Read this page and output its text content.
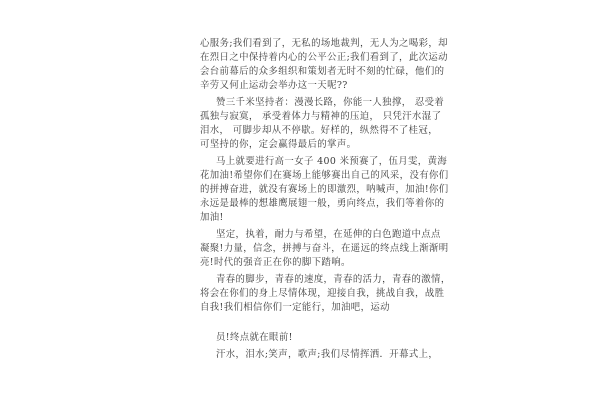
心服务;我们看到了，无私的场地裁判，无人为之喝彩，却
在烈日之中保持着内心的公平公正;我们看到了，此次运动
会台前幕后的众多组织和策划者无时不刻的忙碌，他们的
辛劳又何止运动会举办这一天呢??
赞三千米坚持者：漫漫长路，你能一人独撑， 忍受着
孤独与寂寞， 承受着体力与精神的压迫， 只凭汗水湿了
泪水， 可脚步却从不停歇。好样的，纵然得不了桂冠，
可坚持的你，定会赢得最后的掌声。
马上就要进行高一女子 400 米预赛了，伍月雯，黄海
花加油!希望你们在赛场上能够赛出自己的风采，没有你们
的拼搏奋进，就没有赛场上的即激烈，呐喊声，加油!你们
永远是最棒的想雄鹰展翅一般，勇向终点，我们等着你的
加油!
坚定，执着，耐力与希望，在延伸的白色跑道中点点
凝聚!力量，信念，拼搏与奋斗，在遥远的终点线上渐渐明
亮!时代的强音正在你的脚下踏响。
青春的脚步，青春的速度，青春的活力，青春的激情，
将会在你们的身上尽情体现，迎接自我，挑战自我，战胜
自我!我们相信你们一定能行，加油吧，运动
员!终点就在眼前!
汗水，泪水;笑声，歌声;我们尽情挥洒．开幕式上，
